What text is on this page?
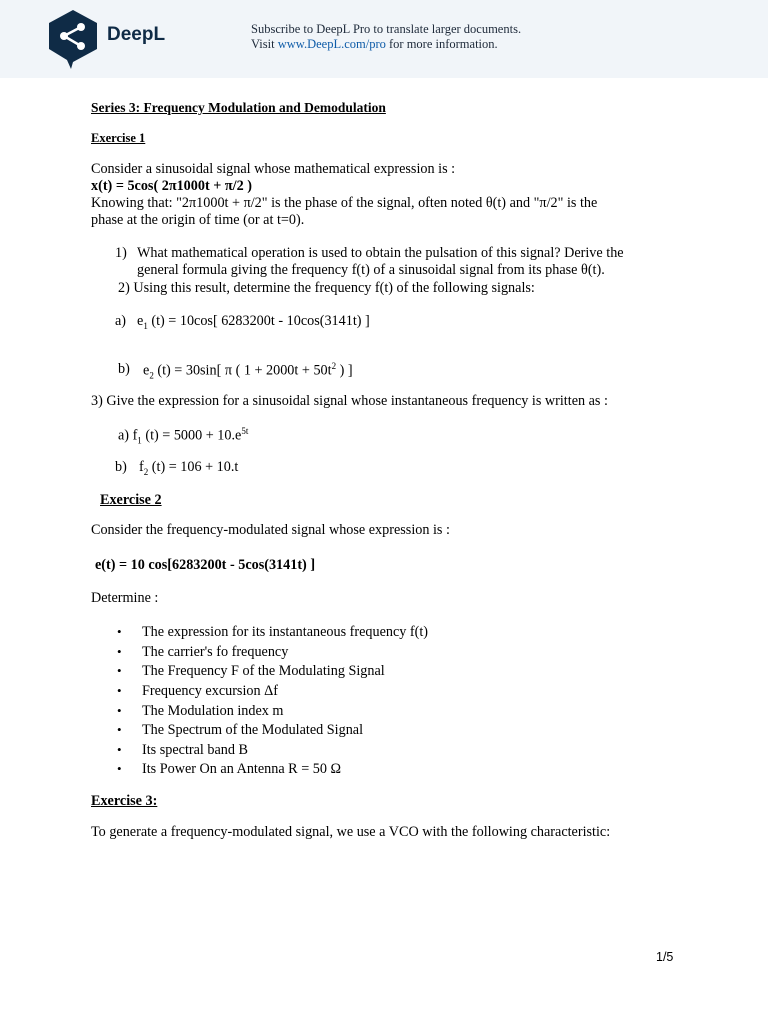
DeepL	Subscribe to DeepL Pro to translate larger documents.
Visit www.DeepL.com/pro for more information.
Series 3: Frequency Modulation and Demodulation
Exercise 1
Consider a sinusoidal signal whose mathematical expression is :
x(t) = 5cos( 2π1000t + π/2 )
Knowing that: "2π1000t + π/2" is the phase of the signal, often noted θ(t) and "π/2" is the
phase at the origin of time (or at t=0).
1) What mathematical operation is used to obtain the pulsation of this signal? Derive the
general formula giving the frequency f(t) of a sinusoidal signal from its phase θ(t).
2) Using this result, determine the frequency f(t) of the following signals:
a) $e_1$ (t) = 10cos[ 6283200t - 10cos(3141t) ]
b) $e_2$ (t) = 30sin[ π ( $1 + 2000t + 50t^2$ ) ]
3) Give the expression for a sinusoidal signal whose instantaneous frequency is written as :
a) $f_1$ $(t) = 5000 + 10.e^{5t}$
b) $f_2$ (t) = 106 + 10.t
Exercise 2
Consider the frequency-modulated signal whose expression is :
e(t) = 10 cos[6283200t - 5cos(3141t) ]
Determine :
• The expression for its instantaneous frequency f(t)
• The carrier's fo frequency
• The Frequency F of the Modulating Signal
• Frequency excursion Δf
• The Modulation index m
• The Spectrum of the Modulated Signal
• Its spectral band B
• Its Power On an Antenna R = 50 Ω
Exercise 3:
To generate a frequency-modulated signal, we use a VCO with the following characteristic:
1/5
